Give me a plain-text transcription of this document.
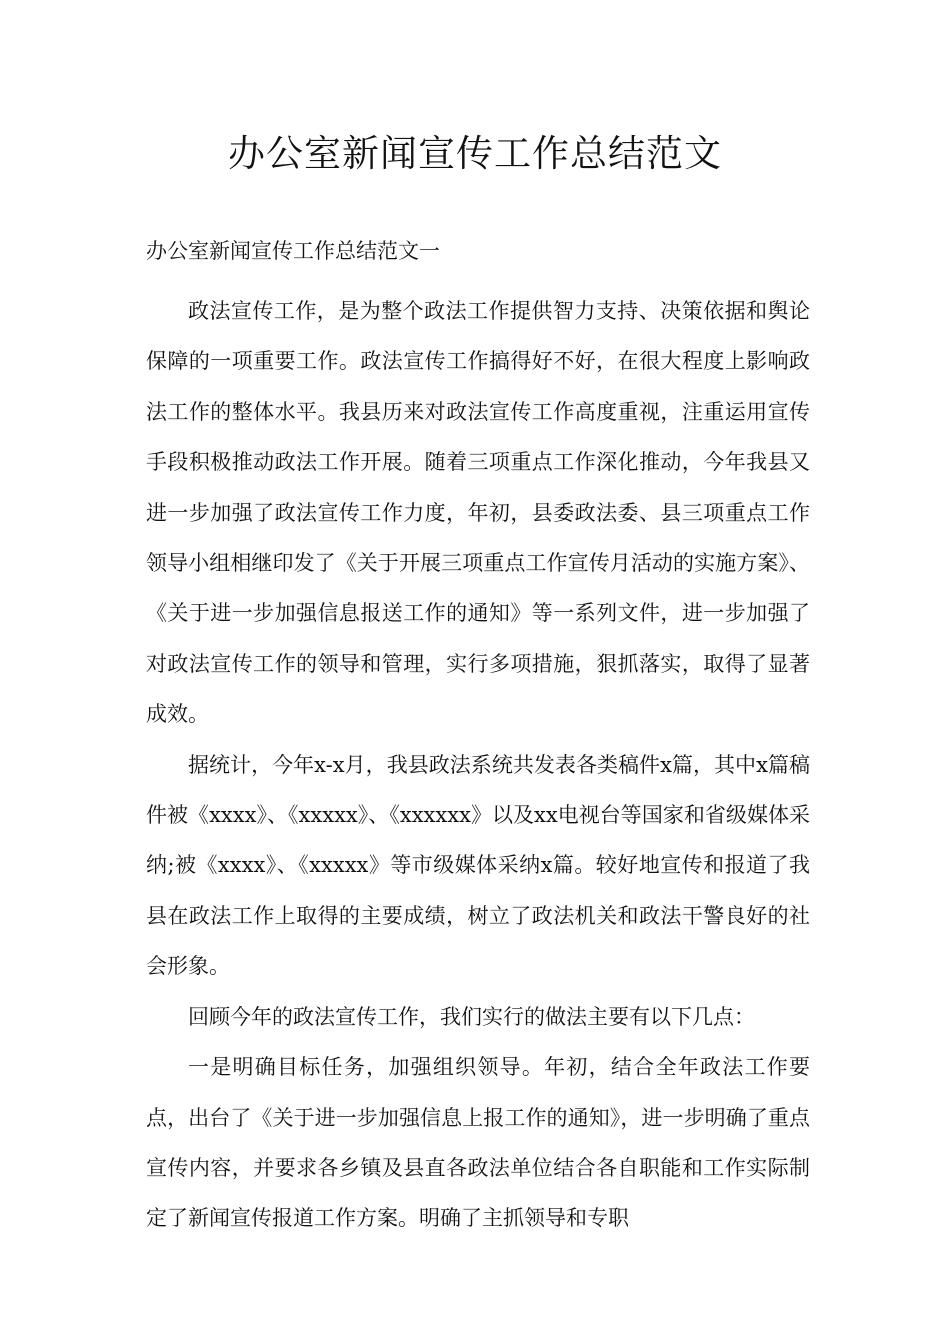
办公室新闻宣传工作总结范文

办公室新闻宣传工作总结范文一

政法宣传工作，是为整个政法工作提供智力支持、决策依据和舆论保障的一项重要工作。政法宣传工作搞得好不好，在很大程度上影响政法工作的整体水平。我县历来对政法宣传工作高度重视，注重运用宣传手段积极推动政法工作开展。随着三项重点工作深化推动，今年我县又进一步加强了政法宣传工作力度，年初，县委政法委、县三项重点工作领导小组相继印发了《关于开展三项重点工作宣传月活动的实施方案》、《关于进一步加强信息报送工作的通知》等一系列文件，进一步加强了对政法宣传工作的领导和管理，实行多项措施，狠抓落实，取得了显著成效。

据统计，今年x-x月，我县政法系统共发表各类稿件x篇，其中x篇稿件被《xxxx》、《xxxxx》、《xxxxxx》以及xx电视台等国家和省级媒体采纳;被《xxxx》、《xxxxx》等市级媒体采纳x篇。较好地宣传和报道了我县在政法工作上取得的主要成绩，树立了政法机关和政法干警良好的社会形象。

回顾今年的政法宣传工作，我们实行的做法主要有以下几点：

一是明确目标任务，加强组织领导。年初，结合全年政法工作要点，出台了《关于进一步加强信息上报工作的通知》，进一步明确了重点宣传内容，并要求各乡镇及县直各政法单位结合各自职能和工作实际制定了新闻宣传报道工作方案。明确了主抓领导和专职
